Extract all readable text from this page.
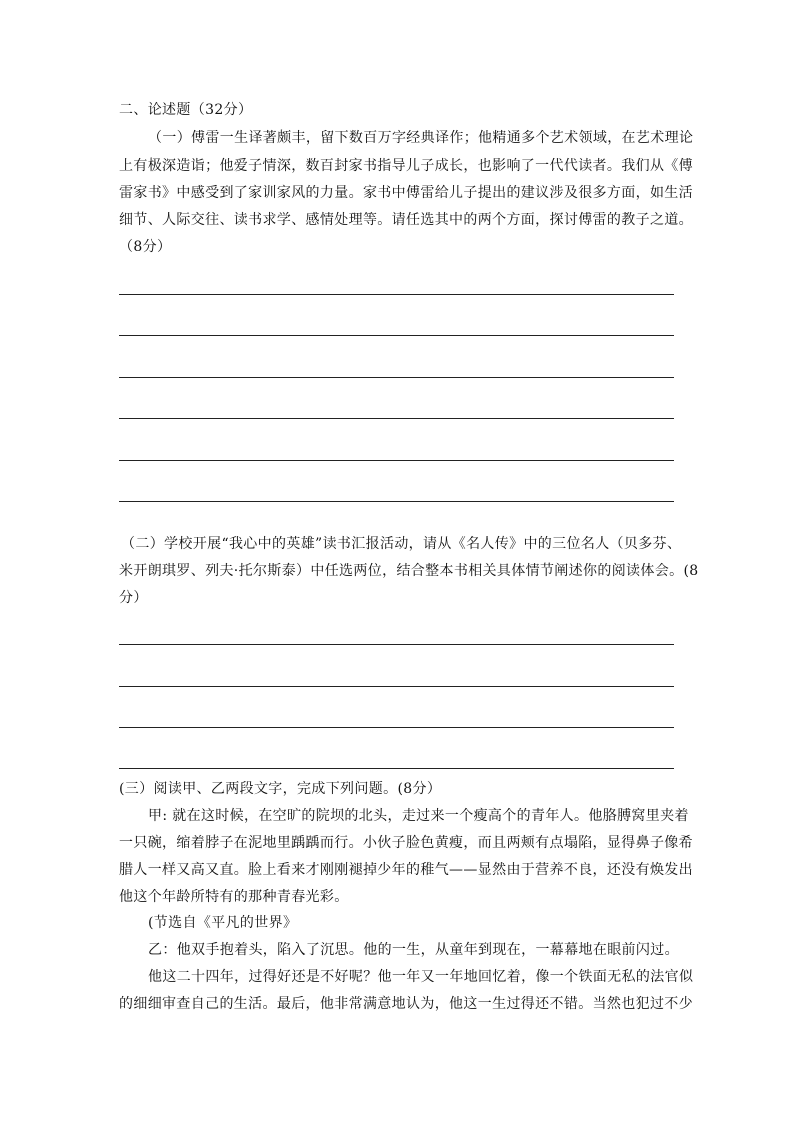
二、论述题（32分）
（一）傅雷一生译著颇丰，留下数百万字经典译作；他精通多个艺术领域，在艺术理论
上有极深造诣；他爱子情深，数百封家书指导儿子成长，也影响了一代代读者。我们从《傅
雷家书》中感受到了家训家风的力量。家书中傅雷给儿子提出的建议涉及很多方面，如生活
细节、人际交往、读书求学、感情处理等。请任选其中的两个方面，探讨傅雷的教子之道。
（8分）
（二）学校开展“我心中的英雄”读书汇报活动，请从《名人传》中的三位名人（贝多芬、
米开朗琪罗、列夫·托尔斯泰）中任选两位，结合整本书相关具体情节阐述你的阅读体会。(8
分）
(三）阅读甲、乙两段文字，完成下列问题。(8分）
甲: 就在这时候，在空旷的院坝的北头，走过来一个瘦高个的青年人。他胳膊窝里夹着
一只碗，缩着脖子在泥地里踽踽而行。小伙子脸色黄瘦，而且两颊有点塌陷，显得鼻子像希
腊人一样又高又直。脸上看来才刚刚褪掉少年的稚气——显然由于营养不良，还没有焕发出
他这个年龄所特有的那种青春光彩。
(节选自《平凡的世界》
乙：他双手抱着头，陷入了沉思。他的一生，从童年到现在，一幕幕地在眼前闪过。
他这二十四年，过得好还是不好呢？他一年又一年地回忆着，像一个铁面无私的法官似
的细细审查自己的生活。最后，他非常满意地认为，他这一生过得还不错。当然也犯过不少
